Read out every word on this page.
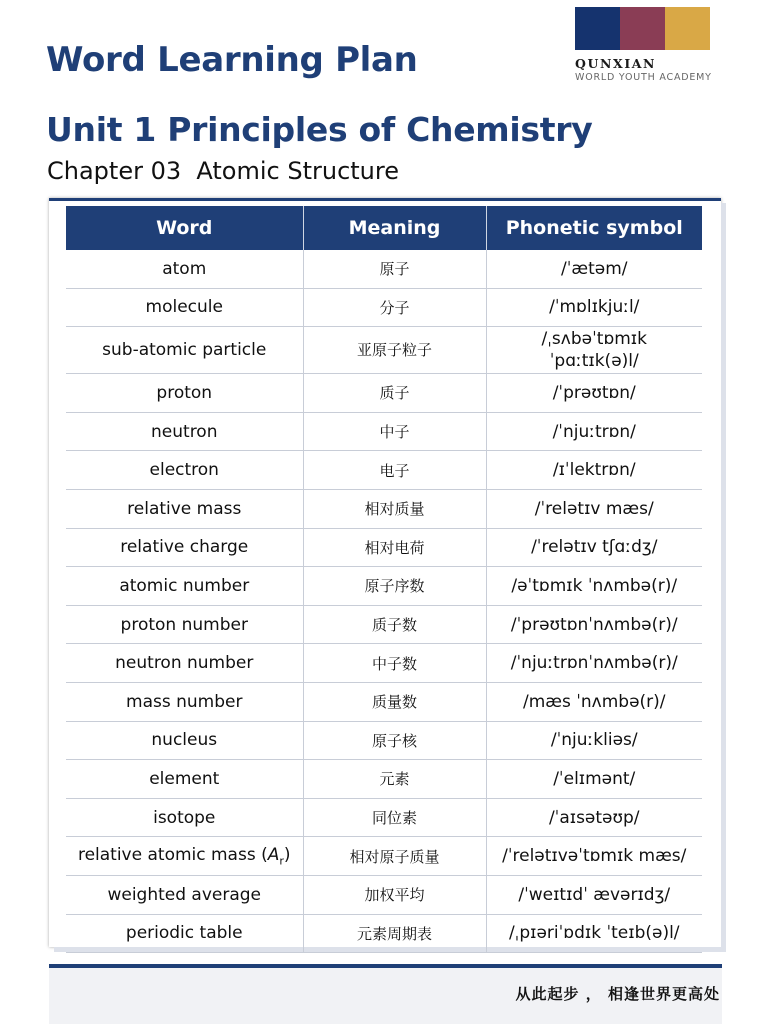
QUNXIAN
WORLD YOUTH ACADEMY
Word Learning Plan
Unit 1 Principles of Chemistry
Chapter 03  Atomic Structure
Word	Meaning	Phonetic symbol
atom	原子	/ˈætəm/
molecule	分子	/ˈmɒlɪkjuːl/
sub-atomic particle	亚原子粒子	/ˌsʌbəˈtɒmɪk ˈpɑːtɪk(ə)l/
proton	质子	/ˈprəʊtɒn/
neutron	中子	/ˈnjuːtrɒn/
electron	电子	/ɪˈlektrɒn/
relative mass	相对质量	/ˈrelətɪv mæs/
relative charge	相对电荷	/ˈrelətɪv tʃɑːdʒ/
atomic number	原子序数	/əˈtɒmɪk ˈnʌmbə(r)/
proton number	质子数	/ˈprəʊtɒnˈnʌmbə(r)/
neutron number	中子数	/ˈnjuːtrɒnˈnʌmbə(r)/
mass number	质量数	/mæs ˈnʌmbə(r)/
nucleus	原子核	/ˈnjuːkliəs/
element	元素	/ˈelɪmənt/
isotope	同位素	/ˈaɪsətəʊp/
relative atomic mass $(A_r)$	相对原子质量	/ˈrelətɪvəˈtɒmɪk mæs/
weighted average	加权平均	/ˈweɪtɪdˈ ævərɪdʒ/
periodic table	元素周期表	/ˌpɪəriˈɒdɪk ˈteɪb(ə)l/
从此起步 ， 相逢世界更高处
